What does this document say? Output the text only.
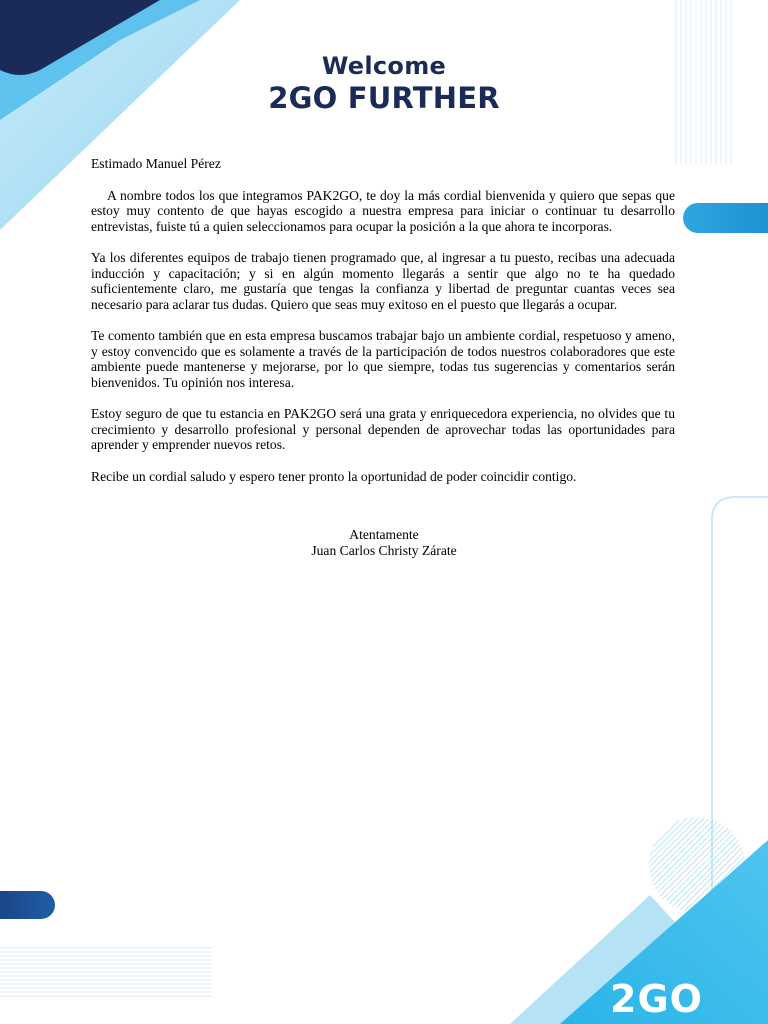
Welcome
2GO FURTHER
Estimado Manuel Pérez

A nombre todos los que integramos PAK2GO, te doy la más cordial bienvenida y quiero que sepas que estoy muy contento de que hayas escogido a nuestra empresa para iniciar o continuar tu desarrollo entrevistas, fuiste tú a quien seleccionamos para ocupar la posición a la que ahora te incorporas.

Ya los diferentes equipos de trabajo tienen programado que, al ingresar a tu puesto, recibas una adecuada inducción y capacitación; y si en algún momento llegarás a sentir que algo no te ha quedado suficientemente claro, me gustaría que tengas la confianza y libertad de preguntar cuantas veces sea necesario para aclarar tus dudas. Quiero que seas muy exitoso en el puesto que llegarás a ocupar.

Te comento también que en esta empresa buscamos trabajar bajo un ambiente cordial, respetuoso y ameno, y estoy convencido que es solamente a través de la participación de todos nuestros colaboradores que este ambiente puede mantenerse y mejorarse, por lo que siempre, todas tus sugerencias y comentarios serán bienvenidos. Tu opinión nos interesa.

Estoy seguro de que tu estancia en PAK2GO será una grata y enriquecedora experiencia, no olvides que tu crecimiento y desarrollo profesional y personal dependen de aprovechar todas las oportunidades para aprender y emprender nuevos retos.

Recibe un cordial saludo y espero tener pronto la oportunidad de poder coincidir contigo.

Atentamente
Juan Carlos Christy Zárate
2GO
